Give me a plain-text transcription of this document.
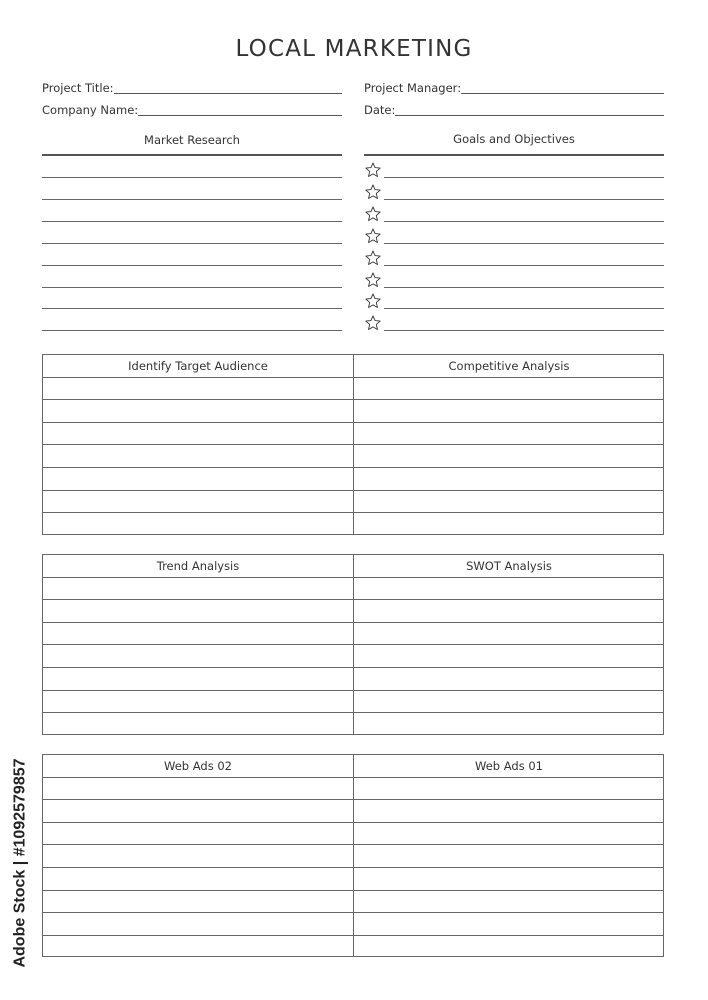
LOCAL MARKETING
Project Title:
Company Name:
Project Manager:
Date:
Market Research	Goals and Objectives
Identify Target Audience	Competitive Analysis
Trend Analysis	SWOT Analysis
Web Ads 02	Web Ads 01
Adobe Stock | #1092579857
